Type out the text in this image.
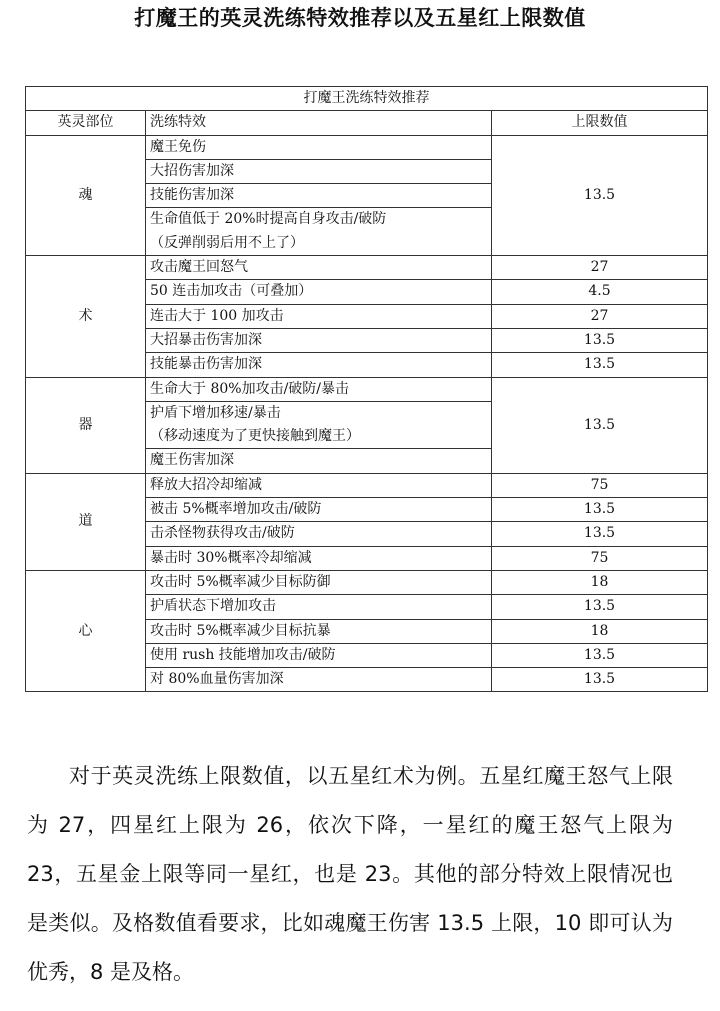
打魔王的英灵洗练特效推荐以及五星红上限数值
打魔王洗练特效推荐		
英灵部位	洗练特效	上限数值
魂	魔王免伤	13.5
	大招伤害加深	
	技能伤害加深	

	生命值低于 20%时提高自身攻击/破防
（反弹削弱后用不上了）	

术	攻击魔王回怒气	27
	50 连击加攻击（可叠加）	4.5
	连击大于 100 加攻击	27
	大招暴击伤害加深	13.5
	技能暴击伤害加深	13.5
器	生命大于 80%加攻击/破防/暴击	13.5

	护盾下增加移速/暴击
（移动速度为了更快接触到魔王）	

	魔王伤害加深	
道	释放大招冷却缩减	75
	被击 5%概率增加攻击/破防	13.5
	击杀怪物获得攻击/破防	13.5
	暴击时 30%概率冷却缩减	75
心	攻击时 5%概率减少目标防御	18
	护盾状态下增加攻击	13.5
	攻击时 5%概率减少目标抗暴	18
	使用 rush 技能增加攻击/破防	13.5
	对 80%血量伤害加深	13.5
对于英灵洗练上限数值，以五星红术为例。五星红魔王怒气上限为 27，四星红上限为 26，依次下降，一星红的魔王怒气上限为 23，五星金上限等同一星红，也是 23。其他的部分特效上限情况也是类似。及格数值看要求，比如魂魔王伤害 13.5 上限，10 即可认为优秀，8 是及格。
